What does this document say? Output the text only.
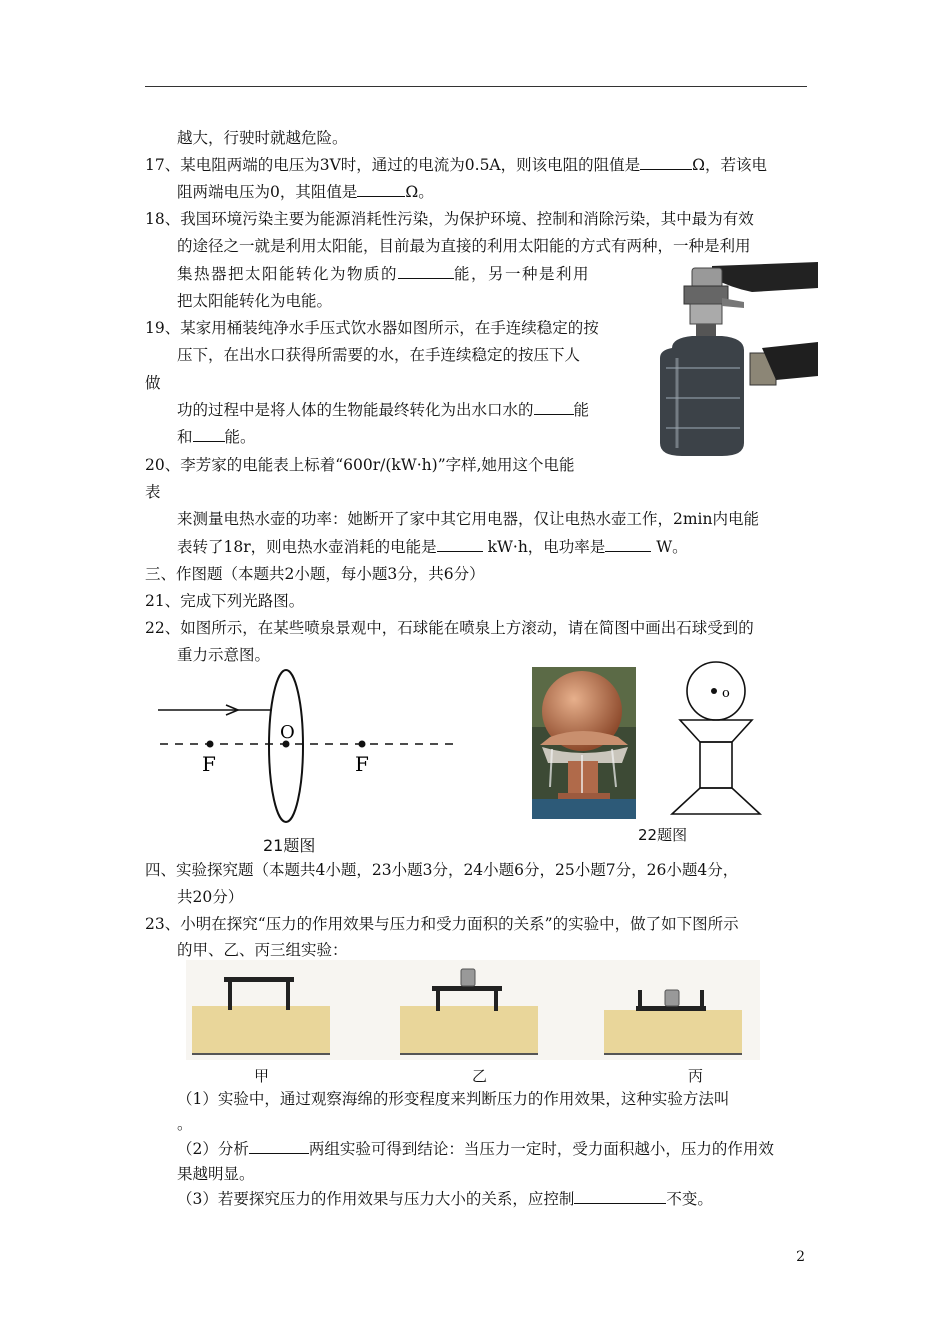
越大，行驶时就越危险。
17、某电阻两端的电压为3V时，通过的电流为0.5A，则该电阻的阻值是	Ω，若该电
阻两端电压为0，其阻值是	Ω。
18、我国环境污染主要为能源消耗性污染，为保护环境、控制和消除污染，其中最为有效
的途径之一就是利用太阳能，目前最为直接的利用太阳能的方式有两种，一种是利用
集热器把太阳能转化为物质的	能，另一种是利用
把太阳能转化为电能。
19、某家用桶装纯净水手压式饮水器如图所示，在手连续稳定的按
压下，在出水口获得所需要的水，在手连续稳定的按压下人
做
功的过程中是将人体的生物能最终转化为出水口水的	能
和 能。
20、李芳家的电能表上标着“600r/(kW·h)”字样,她用这个电能
表
来测量电热水壶的功率：她断开了家中其它用电器，仅让电热水壶工作，2min内电能
表转了18r，则电热水壶消耗的电能是	kW·h，电功率是	W。
三、作图题（本题共2小题，每小题3分，共6分）
21、完成下列光路图。
22、如图所示，在某些喷泉景观中，石球能在喷泉上方滚动，请在简图中画出石球受到的
重力示意图。
F
O
F
21题图
o
22题图
四、实验探究题（本题共4小题，23小题3分，24小题6分，25小题7分，26小题4分，
共20分）
23、小明在探究“压力的作用效果与压力和受力面积的关系”的实验中，做了如下图所示
的甲、乙、丙三组实验：
甲	乙	丙
（1）实验中，通过观察海绵的形变程度来判断压力的作用效果，这种实验方法叫
。
（2）分析	两组实验可得到结论：当压力一定时，受力面积越小，压力的作用效
果越明显。
（3）若要探究压力的作用效果与压力大小的关系，应控制	不变。
2
